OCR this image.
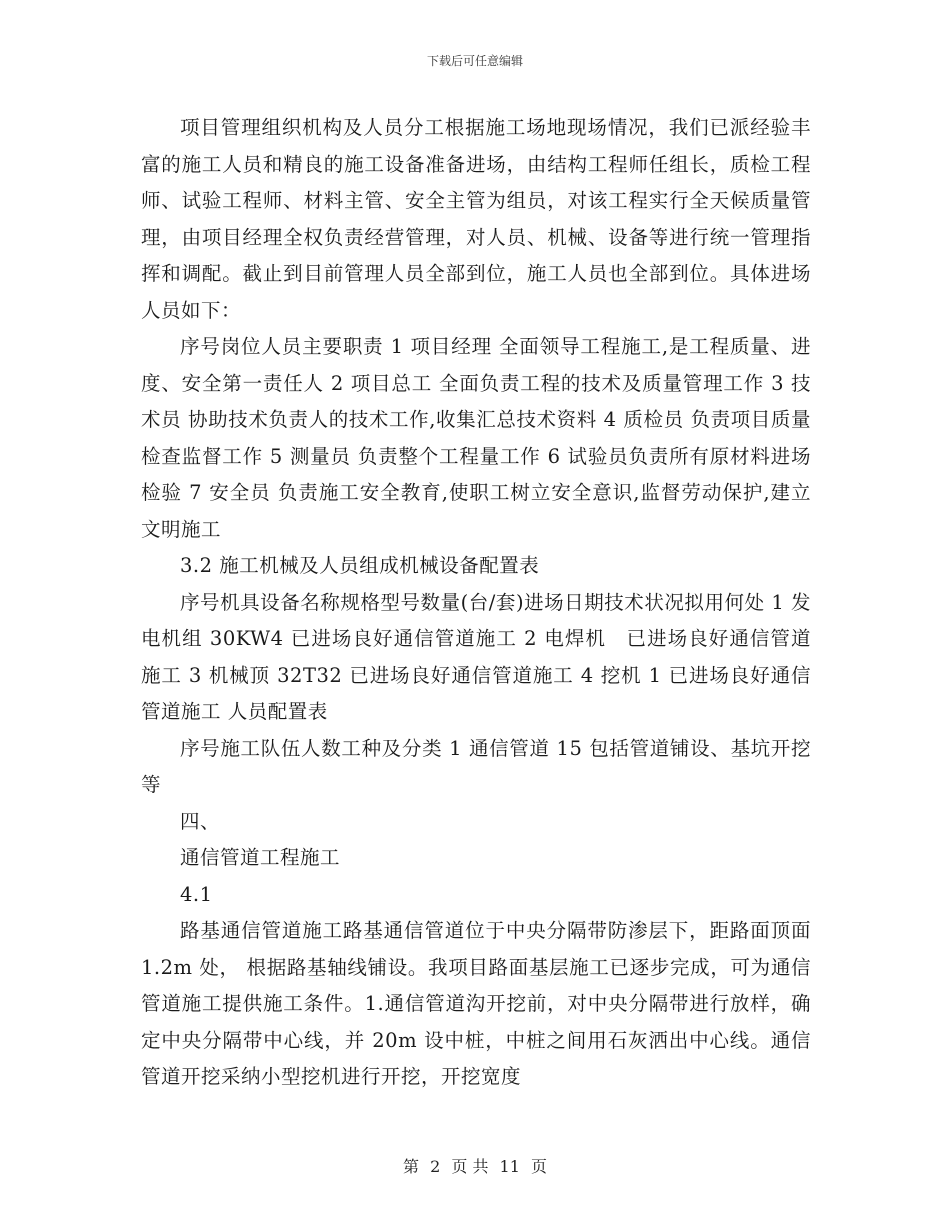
下载后可任意编辑

项目管理组织机构及人员分工根据施工场地现场情况，我们已派经验丰富的施工人员和精良的施工设备准备进场，由结构工程师任组长，质检工程师、试验工程师、材料主管、安全主管为组员，对该工程实行全天候质量管理，由项目经理全权负责经营管理，对人员、机械、设备等进行统一管理指挥和调配。截止到目前管理人员全部到位，施工人员也全部到位。具体进场人员如下：

序号岗位人员主要职责 1 项目经理 全面领导工程施工,是工程质量、进度、安全第一责任人 2 项目总工 全面负责工程的技术及质量管理工作 3 技术员 协助技术负责人的技术工作,收集汇总技术资料 4 质检员 负责项目质量检查监督工作 5 测量员 负责整个工程量工作 6 试验员负责所有原材料进场检验 7 安全员 负责施工安全教育,使职工树立安全意识,监督劳动保护,建立文明施工

3.2 施工机械及人员组成机械设备配置表

序号机具设备名称规格型号数量(台/套)进场日期技术状况拟用何处 1 发电机组 30KW4 已进场良好通信管道施工 2 电焊机　已进场良好通信管道施工 3 机械顶 32T32 已进场良好通信管道施工 4 挖机 1 已进场良好通信管道施工 人员配置表

序号施工队伍人数工种及分类 1 通信管道 15 包括管道铺设、基坑开挖等

四、

通信管道工程施工

4.1

路基通信管道施工路基通信管道位于中央分隔带防渗层下，距路面顶面 1.2m 处， 根据路基轴线铺设。我项目路面基层施工已逐步完成，可为通信管道施工提供施工条件。1.通信管道沟开挖前，对中央分隔带进行放样，确定中央分隔带中心线，并 20m 设中桩，中桩之间用石灰洒出中心线。通信管道开挖采纳小型挖机进行开挖，开挖宽度

第 2 页 共 11 页
